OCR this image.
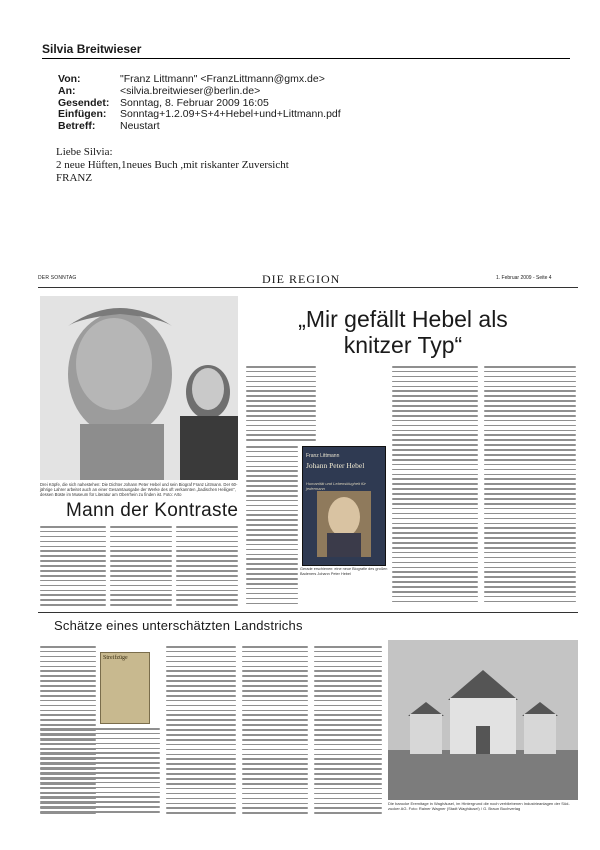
Silvia Breitwieser
Von:	"Franz Littmann" <FranzLittmann@gmx.de>
An:	<silvia.breitwieser@berlin.de>
Gesendet:	Sonntag, 8. Februar 2009 16:05
Einfügen:	Sonntag+1.2.09+S+4+Hebel+und+Littmann.pdf
Betreff:	Neustart
Liebe Silvia:
2 neue Hüften,1neues Buch ,mit riskanter Zuversicht
FRANZ
DER SONNTAG	DIE REGION	1. Februar 2009 - Seite 4
Drei Köpfe, die sich nahestehen: Die Dichter Johann Peter Hebel und sein Biograf Franz Littmann. Der 60-jährige Lahrer arbeitet auch an einer Gesamtausgabe der Werke des oft verkannten „badischen Heiligen“, dessen Büste im Museum für Literatur am Oberrhein zu finden ist. Foto: Arto
Mann der Kontraste
„Mir gefällt Hebel als knitzer Typ“
Franz Littmann
Johann Peter Hebel
Humanität und Lebensklugheit für jedermann
Gerade erschienen: eine neue Biografie des großen Badeners Johann Peter Hebel
Schätze eines unterschätzten Landstrichs
Streifzüge
Die barocke Eremitage in Waghäusel, im Hintergrund die noch verbliebenen Industrieanlagen der Süd-zucker AG. Foto: Rainer Wagner (Stadt Waghäusel) / G. Braun Buchverlag
